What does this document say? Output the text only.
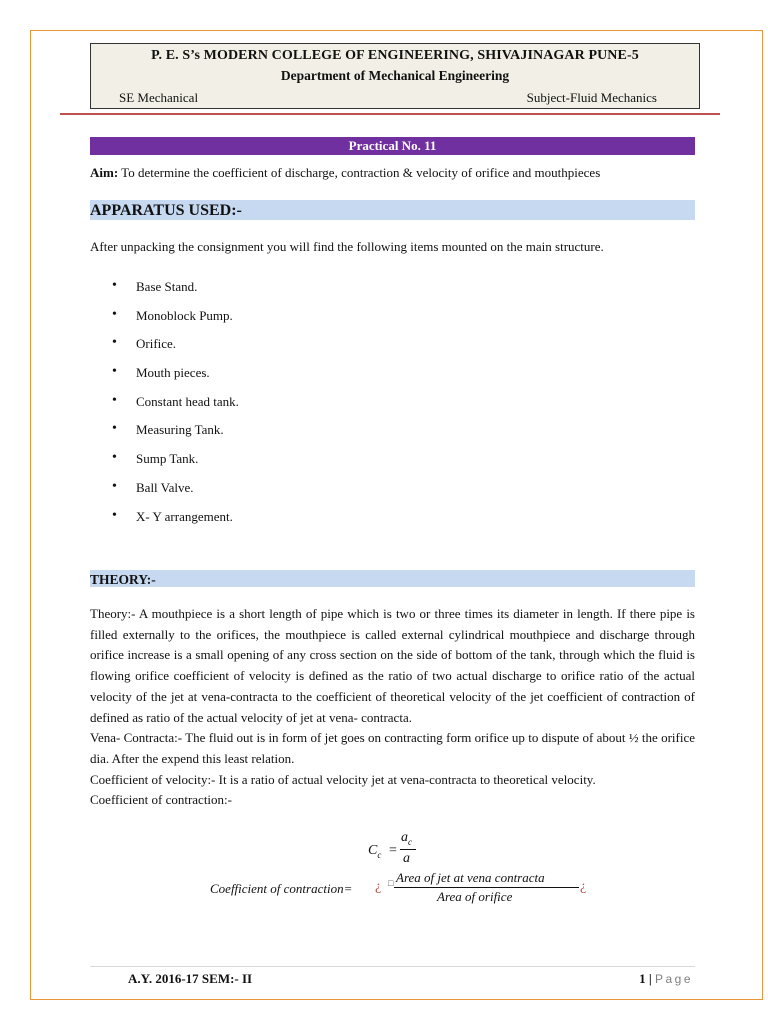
P. E. S’s MODERN COLLEGE OF ENGINEERING, SHIVAJINAGAR PUNE-5
Department of Mechanical Engineering
SE Mechanical	Subject-Fluid Mechanics
Practical No. 11
Aim: To determine the coefficient of discharge, contraction & velocity of orifice and mouthpieces
APPARATUS USED:-
After unpacking the consignment you will find the following items mounted on the main structure.
• Base Stand.
• Monoblock Pump.
• Orifice.
• Mouth pieces.
• Constant head tank.
• Measuring Tank.
• Sump Tank.
• Ball Valve.
• X- Y arrangement.
THEORY:-

Theory:- A mouthpiece is a short length of pipe which is two or three times its diameter in length. If there pipe is filled externally to the orifices, the mouthpiece is called external cylindrical mouthpiece and discharge through orifice increase is a small opening of any cross section on the side of bottom of the tank, through which the fluid is flowing orifice coefficient of velocity is defined as the ratio of two actual discharge to orifice ratio of the actual velocity of the jet at vena-contracta to the coefficient of theoretical velocity of the jet coefficient of contraction of defined as ratio of the actual velocity of jet at vena- contracta.

Vena- Contracta:- The fluid out is in form of jet goes on contracting form orifice up to dispute of about ½ the orifice dia. After the expend this least relation.

Coefficient of velocity:- It is a ratio of actual velocity jet at vena-contracta to theoretical velocity.

Coefficient of contraction:-

$C_c$ =
$a_c$
a
Coefficient of contraction= ¿ □ Area of jet at vena contracta
Area of orifice
¿
A.Y. 2016-17 SEM:- II	1 | Page
